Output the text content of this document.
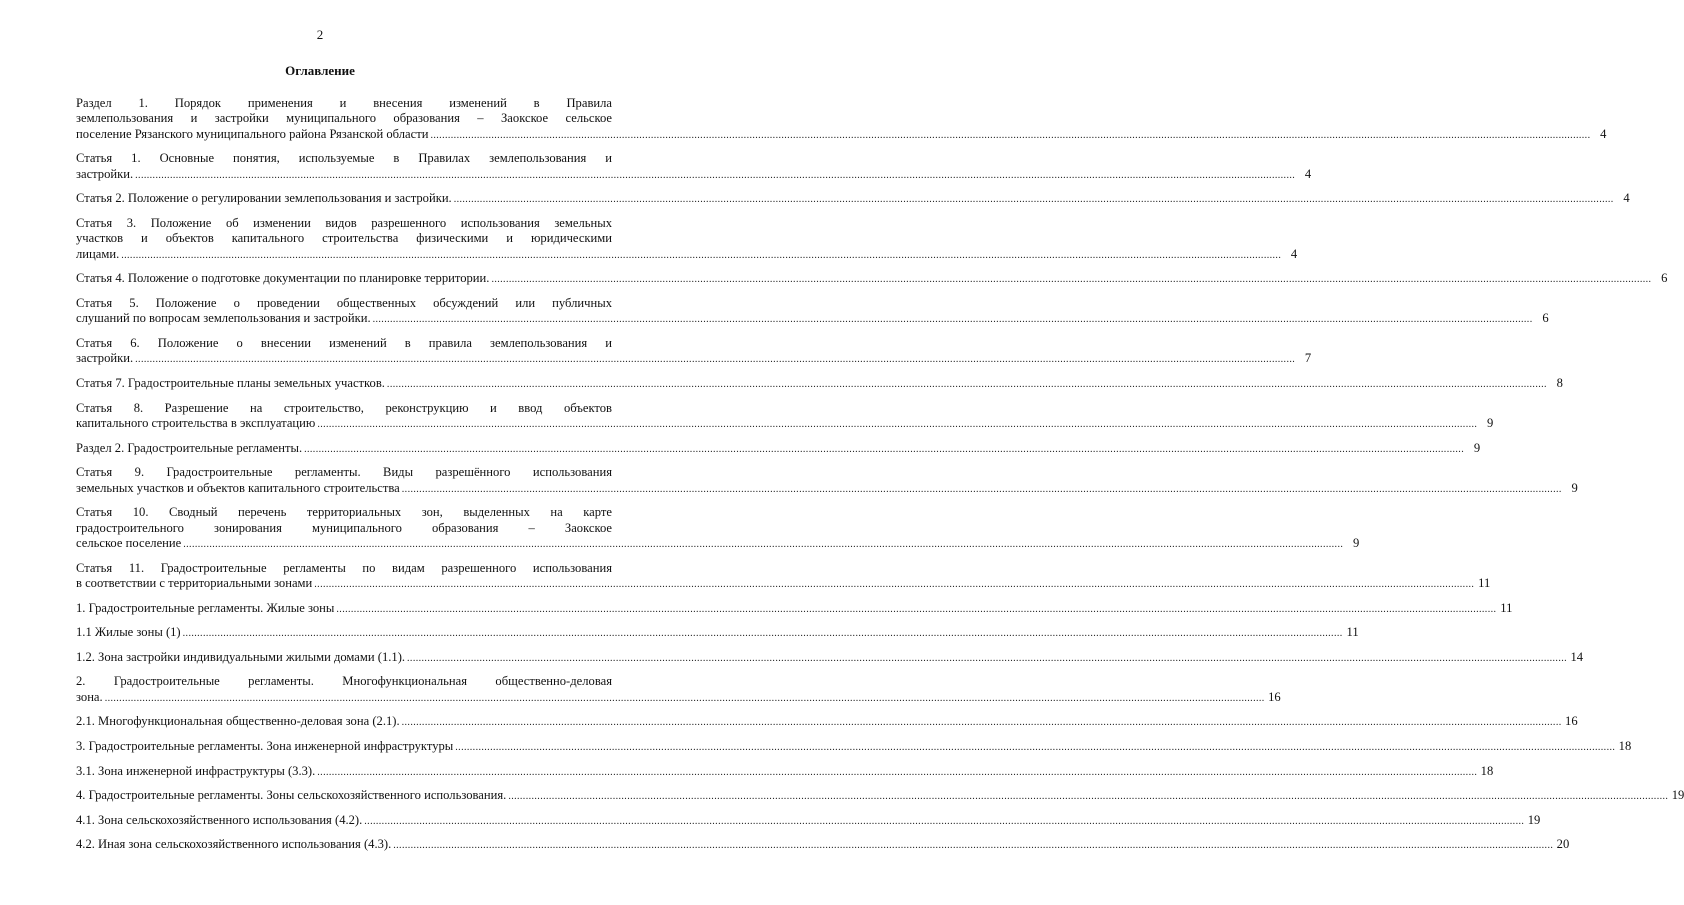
2
Оглавление
Раздел 1. Порядок применения и внесения изменений в Правила
землепользования и застройки муниципального образования – Заокское сельское
поселение Рязанского муниципального района Рязанской области ................................................................................................................................................................................................................................................................................................................................................................................................................ 4
Статья 1. Основные понятия, используемые в Правилах землепользования и
застройки. ................................................................................................................................................................................................................................................................................................................................................................................................................ 4
Статья 2. Положение о регулировании землепользования и застройки. ................................................................................................................................................................................................................................................................................................................................................................................................................ 4
Статья 3. Положение об изменении видов разрешенного использования земельных
участков и объектов капитального строительства физическими и юридическими
лицами. ................................................................................................................................................................................................................................................................................................................................................................................................................ 4
Статья 4. Положение о подготовке документации по планировке территории. ................................................................................................................................................................................................................................................................................................................................................................................................................ 6
Статья 5. Положение о проведении общественных обсуждений или публичных
слушаний по вопросам землепользования и застройки. ................................................................................................................................................................................................................................................................................................................................................................................................................ 6
Статья 6. Положение о внесении изменений в правила землепользования и
застройки. ................................................................................................................................................................................................................................................................................................................................................................................................................ 7
Статья 7. Градостроительные планы земельных участков. ................................................................................................................................................................................................................................................................................................................................................................................................................ 8
Статья 8. Разрешение на строительство, реконструкцию и ввод объектов
капитального строительства в эксплуатацию ................................................................................................................................................................................................................................................................................................................................................................................................................ 9
Раздел 2. Градостроительные регламенты. ................................................................................................................................................................................................................................................................................................................................................................................................................ 9
Статья 9. Градостроительные регламенты. Виды разрешённого использования
земельных участков и объектов капитального строительства ................................................................................................................................................................................................................................................................................................................................................................................................................ 9
Статья 10. Сводный перечень территориальных зон, выделенных на карте
градостроительного зонирования муниципального образования – Заокское
сельское поселение ................................................................................................................................................................................................................................................................................................................................................................................................................ 9
Статья 11. Градостроительные регламенты по видам разрешенного использования
в соответствии с территориальными зонами ................................................................................................................................................................................................................................................................................................................................................................................................................ 11
1. Градостроительные регламенты. Жилые зоны ................................................................................................................................................................................................................................................................................................................................................................................................................ 11
1.1 Жилые зоны (1) ................................................................................................................................................................................................................................................................................................................................................................................................................ 11
1.2. Зона застройки индивидуальными жилыми домами (1.1). ................................................................................................................................................................................................................................................................................................................................................................................................................ 14
2. Градостроительные регламенты. Многофункциональная общественно-деловая
зона. ................................................................................................................................................................................................................................................................................................................................................................................................................ 16
2.1. Многофункциональная общественно-деловая зона (2.1). ................................................................................................................................................................................................................................................................................................................................................................................................................ 16
3. Градостроительные регламенты. Зона инженерной инфраструктуры ................................................................................................................................................................................................................................................................................................................................................................................................................ 18
3.1. Зона инженерной инфраструктуры (3.3). ................................................................................................................................................................................................................................................................................................................................................................................................................ 18
4. Градостроительные регламенты. Зоны сельскохозяйственного использования. ................................................................................................................................................................................................................................................................................................................................................................................................................ 19
4.1. Зона сельскохозяйственного использования (4.2). ................................................................................................................................................................................................................................................................................................................................................................................................................ 19
4.2. Иная зона сельскохозяйственного использования (4.3). ................................................................................................................................................................................................................................................................................................................................................................................................................ 20
